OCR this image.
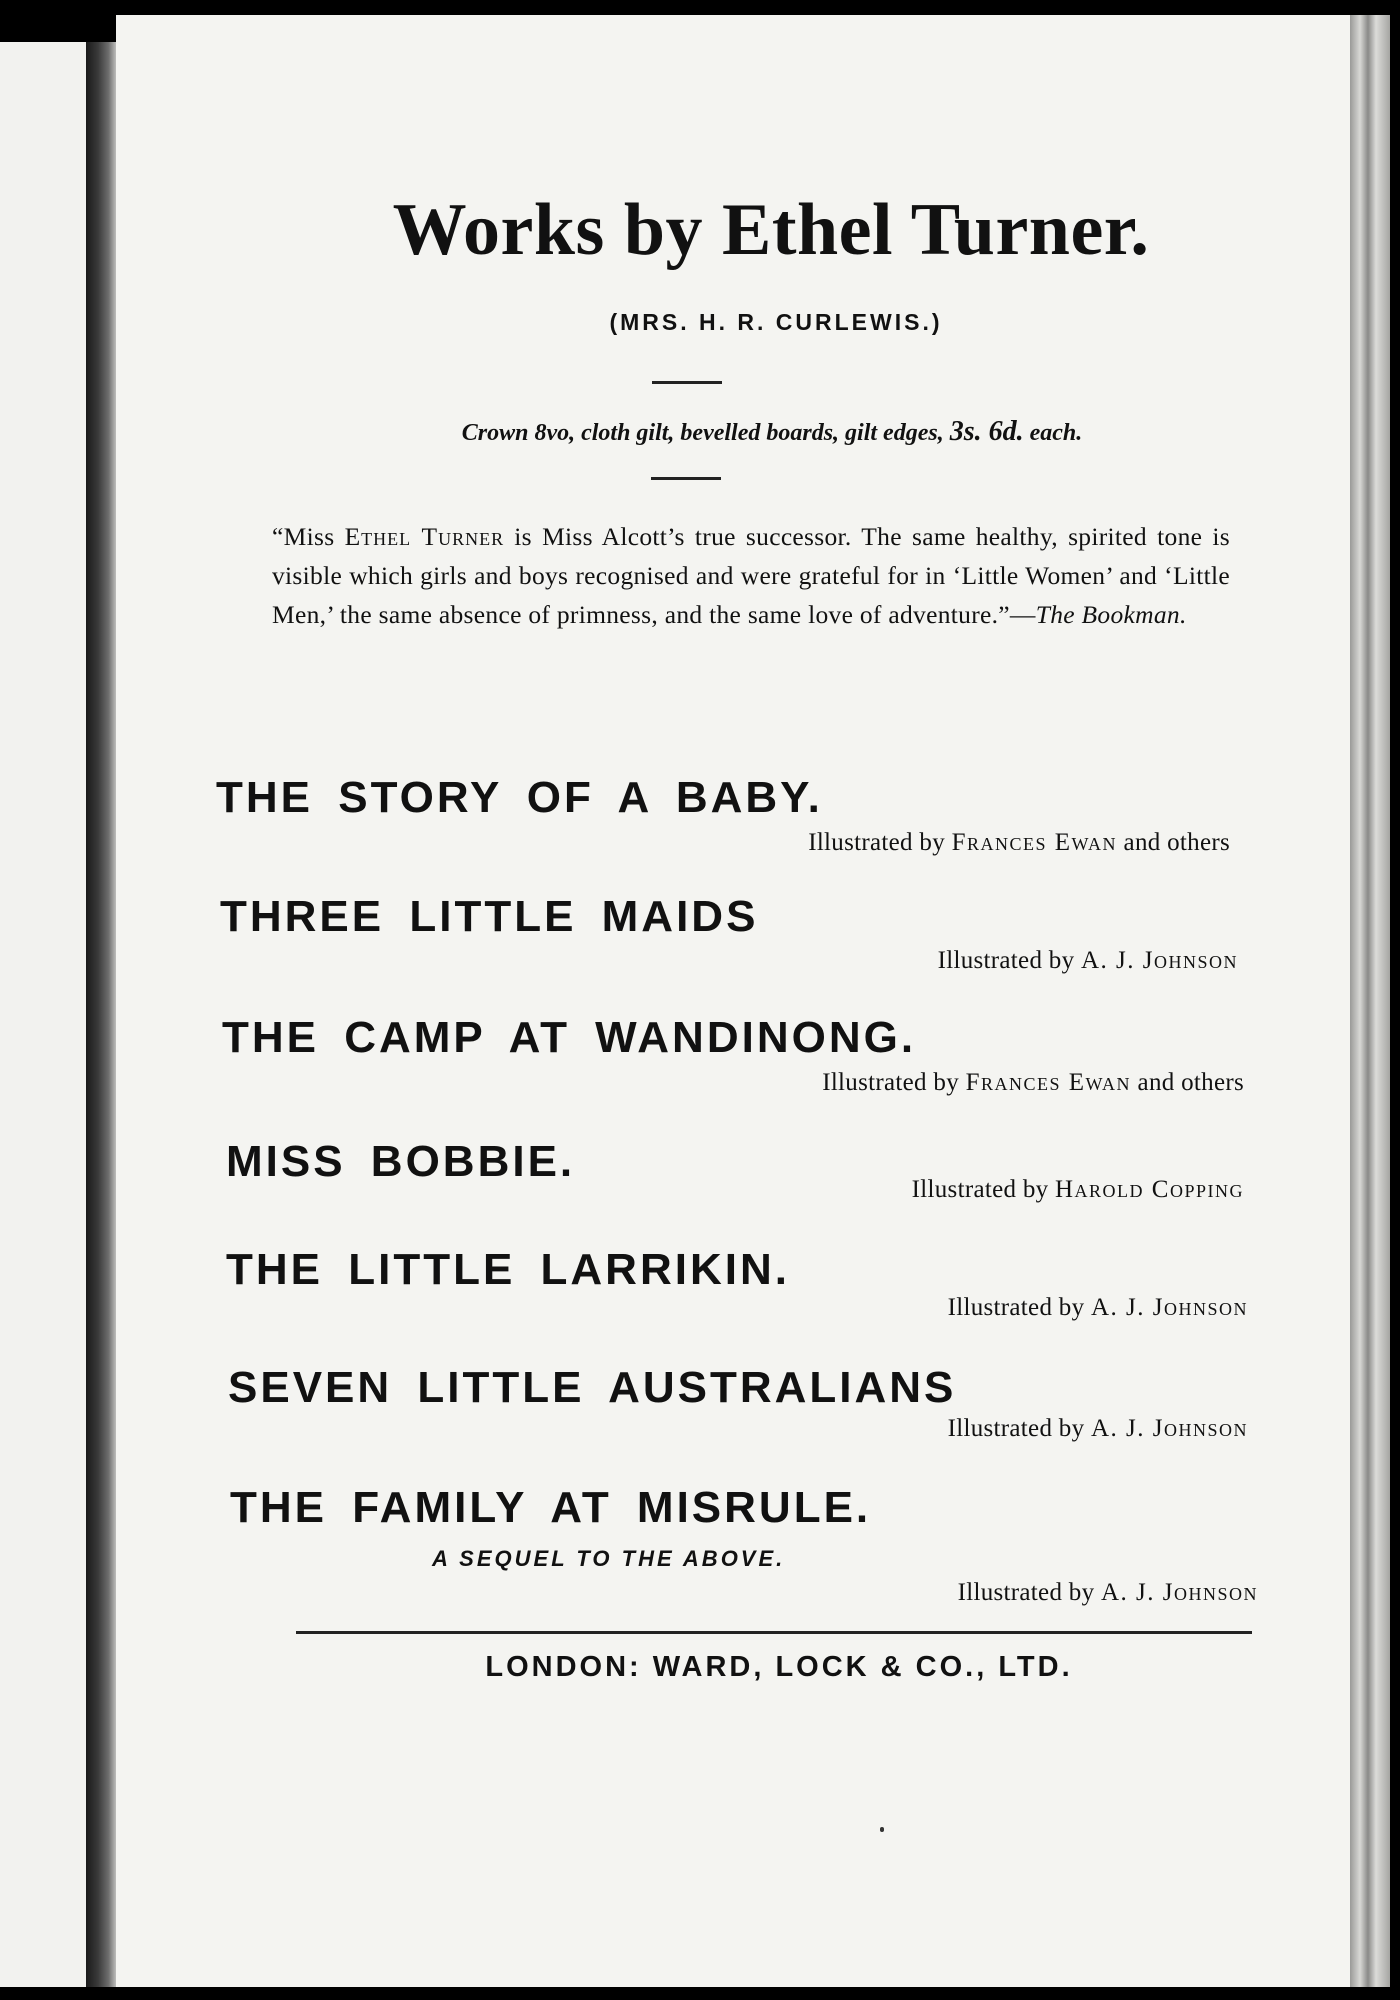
Works by Ethel Turner.
(MRS. H. R. CURLEWIS.)
Crown 8vo, cloth gilt, bevelled boards, gilt edges, 3s. 6d. each.
“Miss Ethel Turner is Miss Alcott’s true successor. The same healthy, spirited tone is visible which girls and boys recognised and were grateful for in ‘Little Women’ and ‘Little Men,’ the same absence of primness, and the same love of adventure.”—The Bookman.
THE STORY OF A BABY.
Illustrated by Frances Ewan and others
THREE LITTLE MAIDS
Illustrated by A. J. Johnson
THE CAMP AT WANDINONG.
Illustrated by Frances Ewan and others
MISS BOBBIE.
Illustrated by Harold Copping
THE LITTLE LARRIKIN.
Illustrated by A. J. Johnson
SEVEN LITTLE AUSTRALIANS
Illustrated by A. J. Johnson
THE FAMILY AT MISRULE.
A SEQUEL TO THE ABOVE.
Illustrated by A. J. Johnson
LONDON: WARD, LOCK & CO., LTD.
